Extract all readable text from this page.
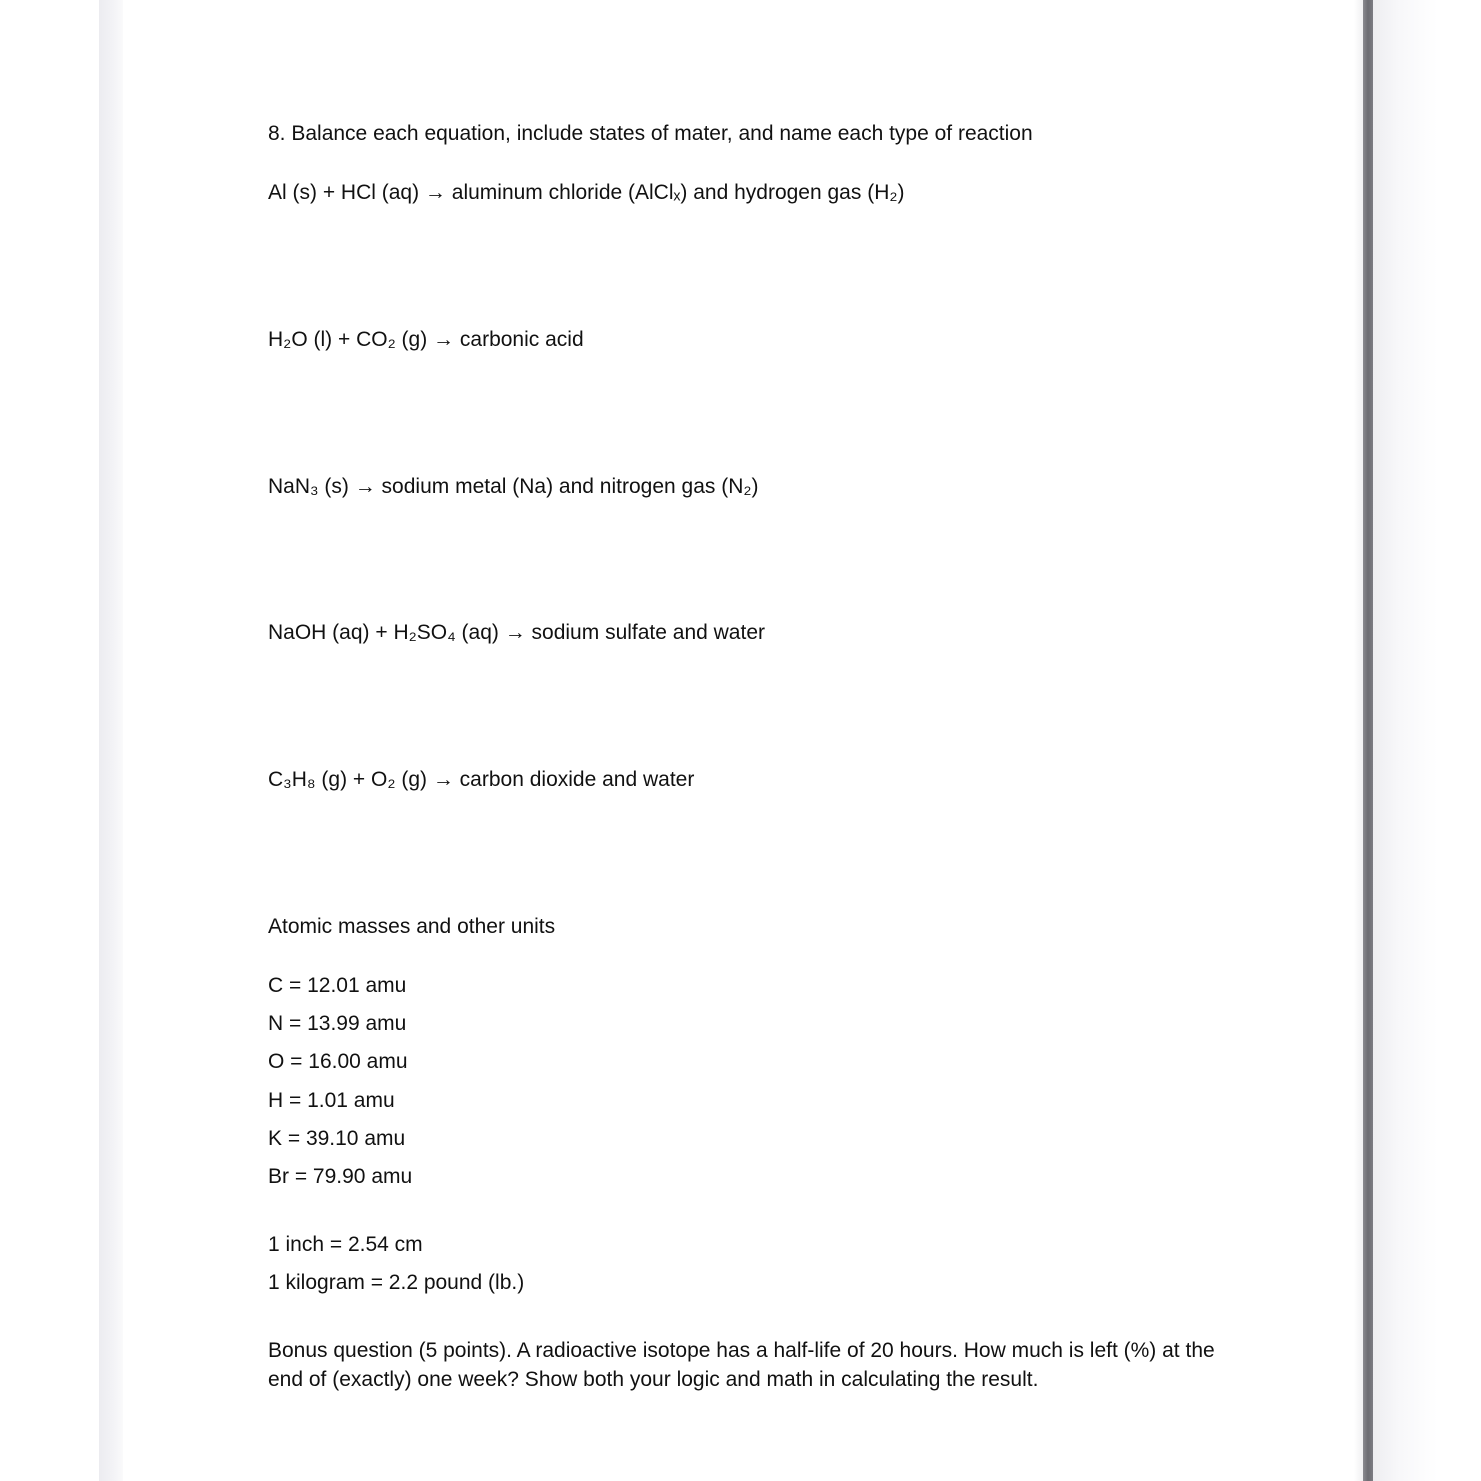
8. Balance each equation, include states of mater, and name each type of reaction

Al (s) + HCl (aq) → aluminum chloride (AlClₓ) and hydrogen gas (H₂)

H₂O (l) + CO₂ (g) → carbonic acid

NaN₃ (s) → sodium metal (Na) and nitrogen gas (N₂)

NaOH (aq) + H₂SO₄ (aq) → sodium sulfate and water

C₃H₈ (g) + O₂ (g) → carbon dioxide and water

Atomic masses and other units

C = 12.01 amu

N = 13.99 amu

O = 16.00 amu

H = 1.01 amu

K = 39.10 amu

Br = 79.90 amu

1 inch = 2.54 cm

1 kilogram = 2.2 pound (lb.)

Bonus question (5 points). A radioactive isotope has a half-life of 20 hours. How much is left (%) at the end of (exactly) one week? Show both your logic and math in calculating the result.
